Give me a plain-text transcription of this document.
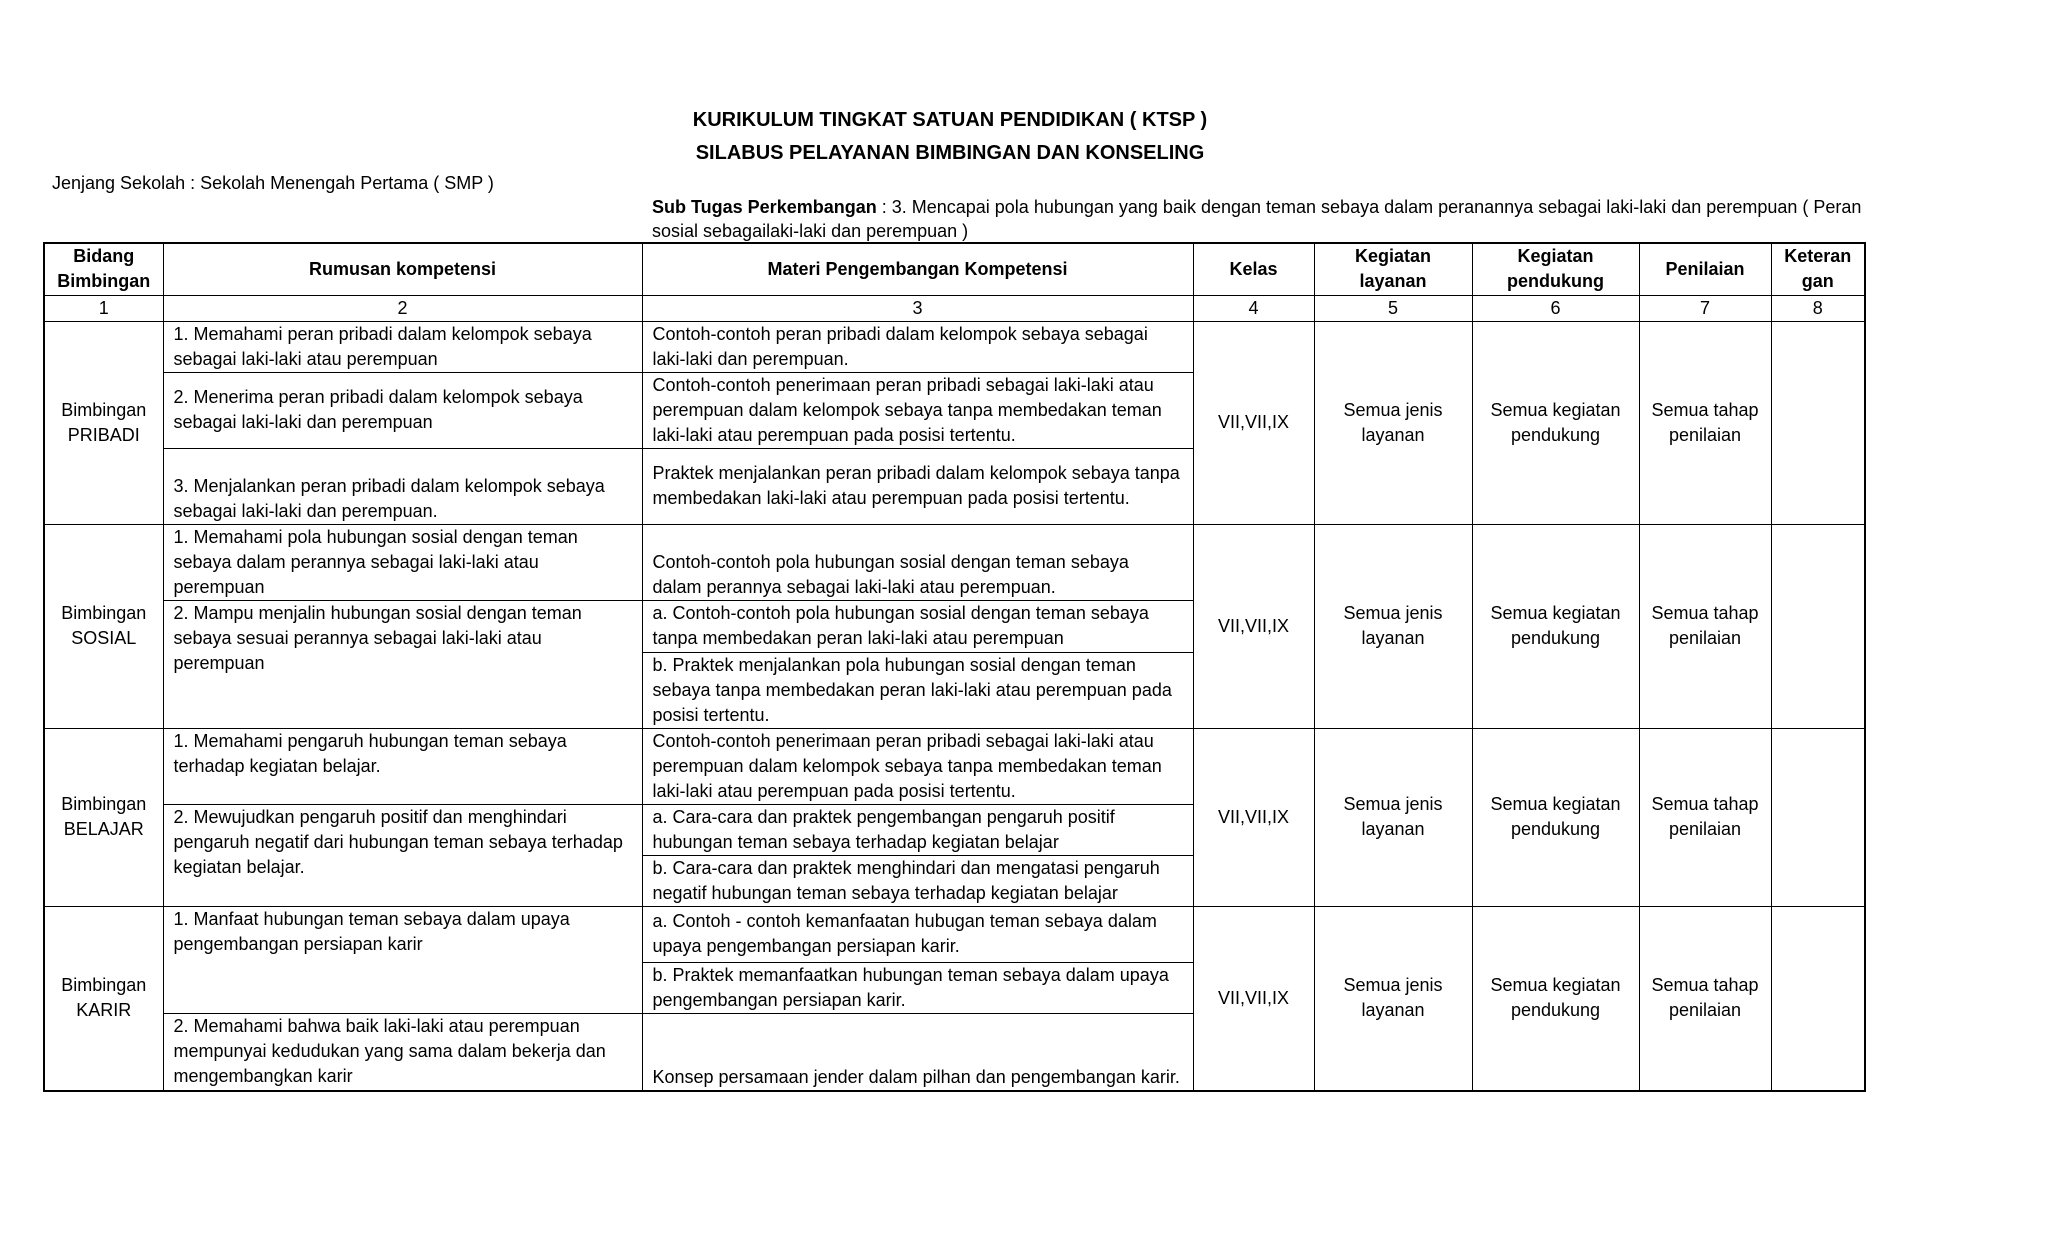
KURIKULUM TINGKAT SATUAN PENDIDIKAN ( KTSP )
SILABUS PELAYANAN BIMBINGAN DAN KONSELING
Jenjang Sekolah : Sekolah Menengah Pertama ( SMP )
Sub Tugas Perkembangan : 3. Mencapai pola hubungan yang baik dengan teman sebaya dalam peranannya sebagai laki-laki dan perempuan ( Peran sosial sebagailaki-laki dan perempuan )
Bidang Bimbingan	Rumusan kompetensi	Materi Pengembangan Kompetensi	Kelas	Kegiatan layanan	Kegiatan pendukung	Penilaian	Keteran gan
1	2	3	4	5	6	7	8
Bimbingan PRIBADI	1. Memahami peran pribadi dalam kelompok sebaya sebagai laki-laki atau perempuan	Contoh-contoh peran pribadi dalam kelompok sebaya sebagai laki-laki dan perempuan.	VII,VII,IX	Semua jenis layanan	Semua kegiatan pendukung	Semua tahap penilaian	
	2. Menerima peran pribadi dalam kelompok sebaya sebagai laki-laki dan perempuan	Contoh-contoh penerimaan peran pribadi sebagai laki-laki atau perempuan dalam kelompok sebaya tanpa membedakan teman laki-laki atau perempuan pada posisi tertentu.					
	3. Menjalankan peran pribadi dalam kelompok sebaya sebagai laki-laki dan perempuan.	Praktek menjalankan peran pribadi dalam kelompok sebaya tanpa membedakan laki-laki atau perempuan pada posisi tertentu.					
Bimbingan SOSIAL	1. Memahami pola hubungan sosial dengan teman sebaya dalam perannya sebagai laki-laki atau perempuan	Contoh-contoh pola hubungan sosial dengan teman sebaya dalam perannya sebagai laki-laki atau perempuan.	VII,VII,IX	Semua jenis layanan	Semua kegiatan pendukung	Semua tahap penilaian	
	2. Mampu menjalin hubungan sosial dengan teman sebaya sesuai perannya sebagai laki-laki atau perempuan	a. Contoh-contoh pola hubungan sosial dengan teman sebaya tanpa membedakan peran laki-laki atau perempuan					
		b. Praktek menjalankan pola hubungan sosial dengan teman sebaya tanpa membedakan peran laki-laki atau perempuan pada posisi tertentu.					
Bimbingan BELAJAR	1. Memahami pengaruh hubungan teman sebaya terhadap kegiatan belajar.	Contoh-contoh penerimaan peran pribadi sebagai laki-laki atau perempuan dalam kelompok sebaya tanpa membedakan teman laki-laki atau perempuan pada posisi tertentu.	VII,VII,IX	Semua jenis layanan	Semua kegiatan pendukung	Semua tahap penilaian	
	2. Mewujudkan pengaruh positif dan menghindari pengaruh negatif dari hubungan teman sebaya terhadap kegiatan belajar.	a. Cara-cara dan praktek pengembangan pengaruh positif hubungan teman sebaya terhadap kegiatan belajar					
		b. Cara-cara dan praktek menghindari dan mengatasi pengaruh negatif hubungan teman sebaya terhadap kegiatan belajar					
Bimbingan KARIR	1. Manfaat hubungan teman sebaya dalam upaya pengembangan persiapan karir	a. Contoh - contoh kemanfaatan hubugan teman sebaya dalam upaya pengembangan persiapan karir.	VII,VII,IX	Semua jenis layanan	Semua kegiatan pendukung	Semua tahap penilaian	
		b. Praktek memanfaatkan hubungan teman sebaya dalam upaya pengembangan persiapan karir.					
	2. Memahami bahwa baik laki-laki atau perempuan mempunyai kedudukan yang sama dalam bekerja dan mengembangkan karir	Konsep persamaan jender dalam pilhan dan pengembangan karir.					
